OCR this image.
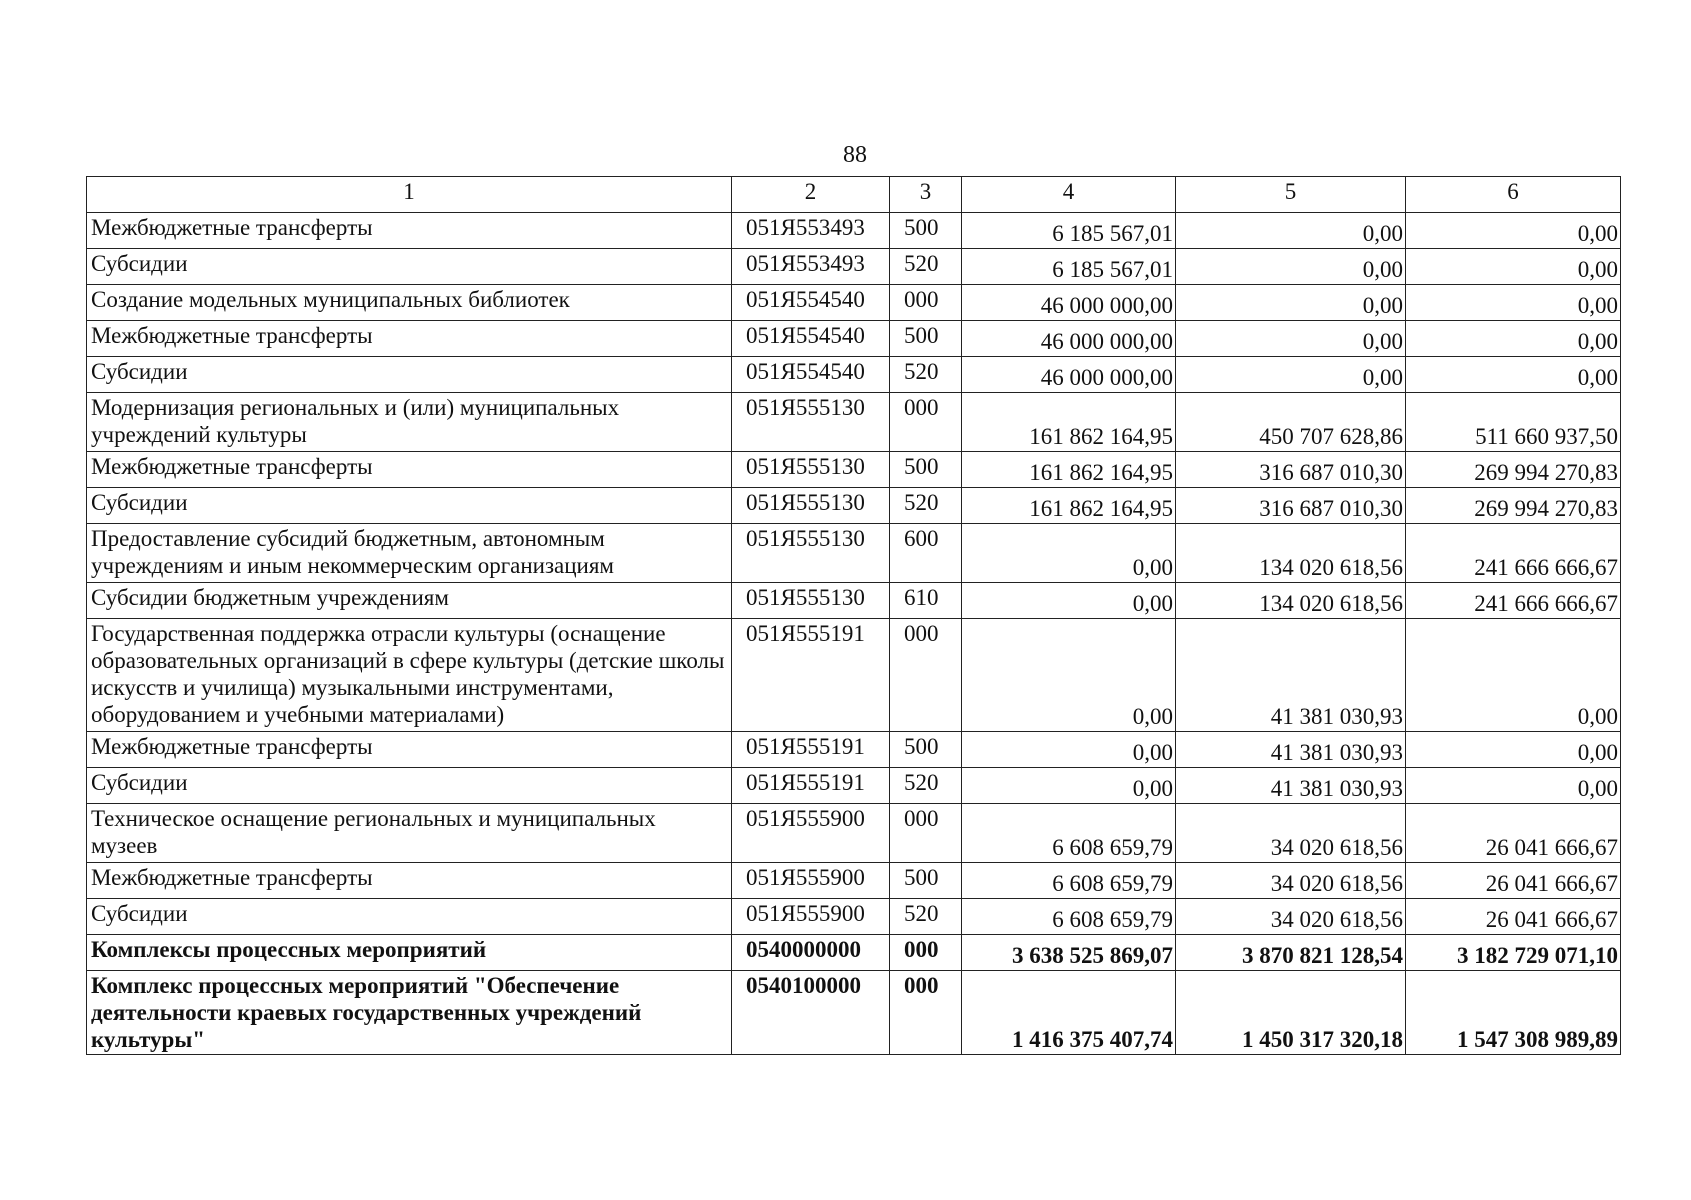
88
1	2	3	4	5	6
Межбюджетные трансферты	051Я553493	500	6 185 567,01	0,00	0,00
Субсидии	051Я553493	520	6 185 567,01	0,00	0,00
Создание модельных муниципальных библиотек	051Я554540	000	46 000 000,00	0,00	0,00
Межбюджетные трансферты	051Я554540	500	46 000 000,00	0,00	0,00
Субсидии	051Я554540	520	46 000 000,00	0,00	0,00
Модернизация региональных и (или) муниципальных учреждений культуры	051Я555130	000	161 862 164,95	450 707 628,86	511 660 937,50
Межбюджетные трансферты	051Я555130	500	161 862 164,95	316 687 010,30	269 994 270,83
Субсидии	051Я555130	520	161 862 164,95	316 687 010,30	269 994 270,83
Предоставление субсидий бюджетным, автономным учреждениям и иным некоммерческим организациям	051Я555130	600	0,00	134 020 618,56	241 666 666,67
Субсидии бюджетным учреждениям	051Я555130	610	0,00	134 020 618,56	241 666 666,67
Государственная поддержка отрасли культуры (оснащение образовательных организаций в сфере культуры (детские школы искусств и училища) музыкальными инструментами, оборудованием и учебными материалами)	051Я555191	000	0,00	41 381 030,93	0,00
Межбюджетные трансферты	051Я555191	500	0,00	41 381 030,93	0,00
Субсидии	051Я555191	520	0,00	41 381 030,93	0,00
Техническое оснащение региональных и муниципальных музеев	051Я555900	000	6 608 659,79	34 020 618,56	26 041 666,67
Межбюджетные трансферты	051Я555900	500	6 608 659,79	34 020 618,56	26 041 666,67
Субсидии	051Я555900	520	6 608 659,79	34 020 618,56	26 041 666,67
Комплексы процессных мероприятий	0540000000	000	3 638 525 869,07	3 870 821 128,54	3 182 729 071,10
Комплекс процессных мероприятий "Обеспечение деятельности краевых государственных учреждений культуры"	0540100000	000	1 416 375 407,74	1 450 317 320,18	1 547 308 989,89
